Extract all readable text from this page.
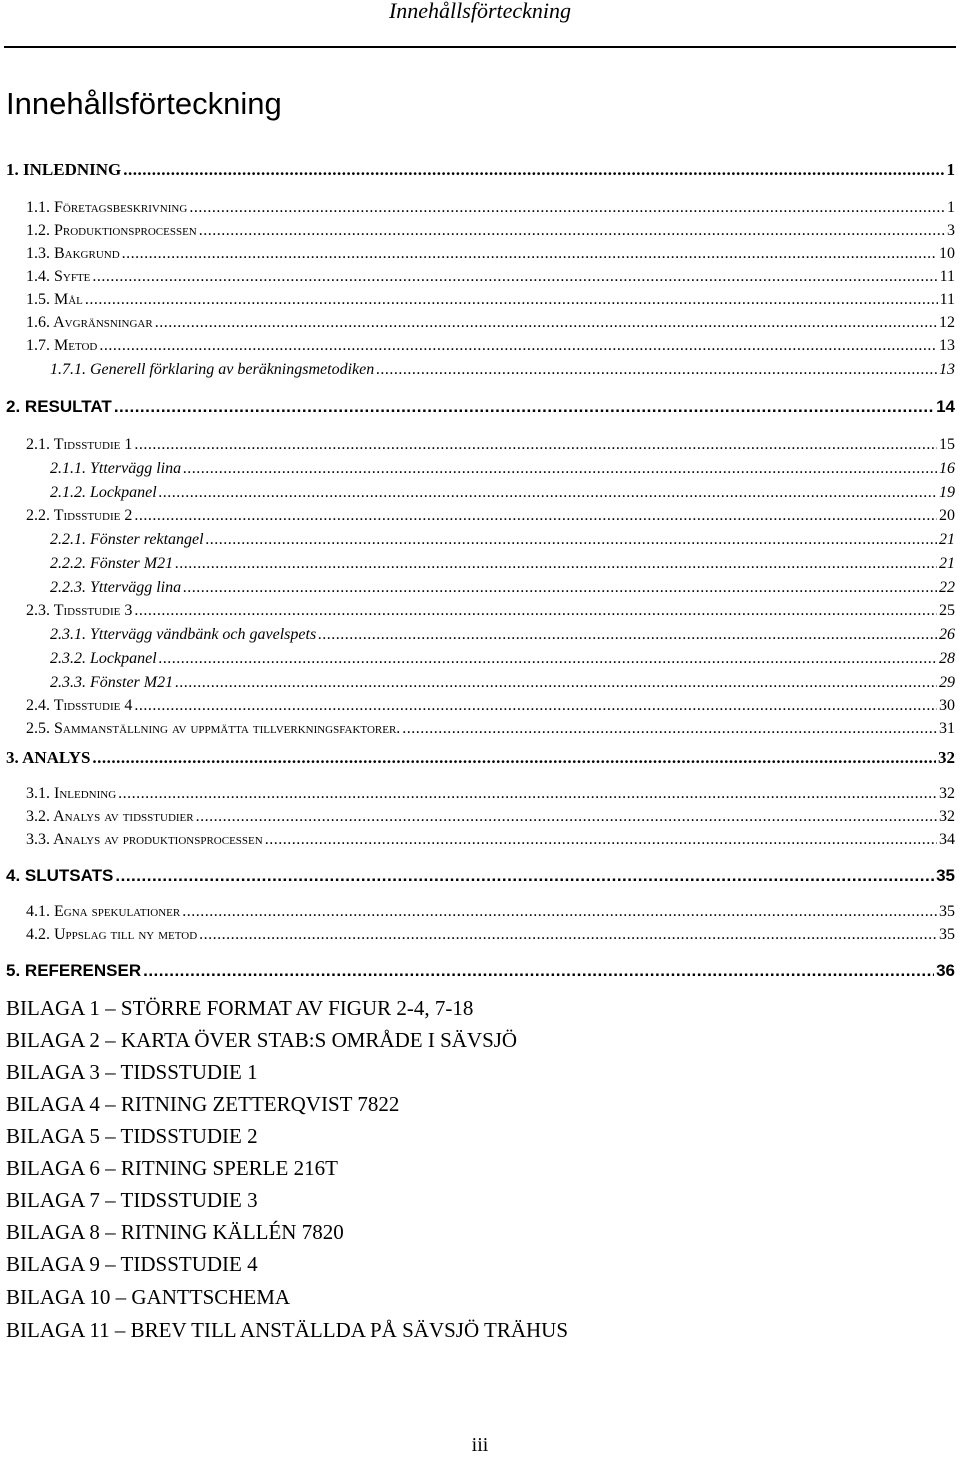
Innehållsförteckning
Innehållsförteckning
1. INLEDNING .....	1
1.1. Företagsbeskrivning .....	1
1.2. Produktionsprocessen .....	3
1.3. Bakgrund .....	10
1.4. Syfte .....	11
1.5. Mål .....	11
1.6. Avgränsningar .....	12
1.7. Metod .....	13
1.7.1. Generell förklaring av beräkningsmetodiken .....	13
2. RESULTAT .....	14
2.1. Tidsstudie 1 .....	15
2.1.1. Yttervägg lina .....	16
2.1.2. Lockpanel .....	19
2.2. Tidsstudie 2 .....	20
2.2.1. Fönster rektangel .....	21
2.2.2. Fönster M21 .....	21
2.2.3. Yttervägg lina .....	22
2.3. Tidsstudie 3 .....	25
2.3.1. Yttervägg vändbänk och gavelspets .....	26
2.3.2. Lockpanel .....	28
2.3.3. Fönster M21 .....	29
2.4. Tidsstudie 4 .....	30
2.5. Sammanställning av uppmätta tillverkningsfaktorer. .....	31
3. ANALYS .....	32
3.1. Inledning .....	32
3.2. Analys av tidsstudier .....	32
3.3. Analys av produktionsprocessen .....	34
4. SLUTSATS .....	35
4.1. Egna spekulationer .....	35
4.2. Uppslag till ny metod .....	35
5. REFERENSER .....	36
BILAGA 1 – STÖRRE FORMAT AV FIGUR 2-4, 7-18
BILAGA 2 – KARTA ÖVER STAB:S OMRÅDE I SÄVSJÖ
BILAGA 3 – TIDSSTUDIE 1
BILAGA 4 – RITNING ZETTERQVIST 7822
BILAGA 5 – TIDSSTUDIE 2
BILAGA 6 – RITNING SPERLE 216T
BILAGA 7 – TIDSSTUDIE 3
BILAGA 8 – RITNING KÄLLÉN 7820
BILAGA 9 – TIDSSTUDIE 4
BILAGA 10 – GANTTSCHEMA
BILAGA 11 – BREV TILL ANSTÄLLDA PÅ SÄVSJÖ TRÄHUS
iii
